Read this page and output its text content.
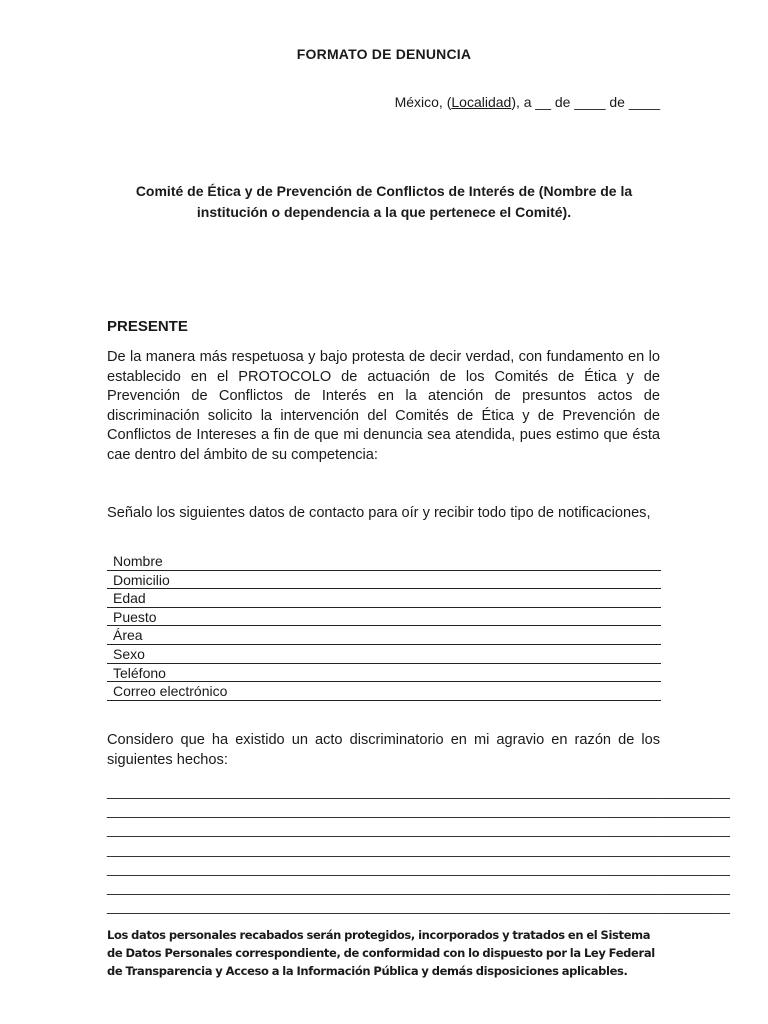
FORMATO DE DENUNCIA
México, (Localidad), a __ de ____ de ____
Comité de Ética y de Prevención de Conflictos de Interés de (Nombre de la institución o dependencia a la que pertenece el Comité).
PRESENTE
De la manera más respetuosa y bajo protesta de decir verdad, con fundamento en lo establecido en el PROTOCOLO de actuación de los Comités de Ética y de Prevención de Conflictos de Interés en la atención de presuntos actos de discriminación solicito la intervención del Comités de Ética y de Prevención de Conflictos de Intereses a fin de que mi denuncia sea atendida, pues estimo que ésta cae dentro del ámbito de su competencia:
Señalo los siguientes datos de contacto para oír y recibir todo tipo de notificaciones,
Nombre
Domicilio
Edad
Puesto
Área
Sexo
Teléfono
Correo electrónico
Considero que ha existido un acto discriminatorio en mi agravio en razón de los siguientes hechos:
________________________________________________________________________________
________________________________________________________________________________
________________________________________________________________________________
________________________________________________________________________________
________________________________________________________________________________
________________________________________________________________________________
________________________________________________________________________________
Los datos personales recabados serán protegidos, incorporados y tratados en el Sistema de Datos Personales correspondiente, de conformidad con lo dispuesto por la Ley Federal de Transparencia y Acceso a la Información Pública y demás disposiciones aplicables.
